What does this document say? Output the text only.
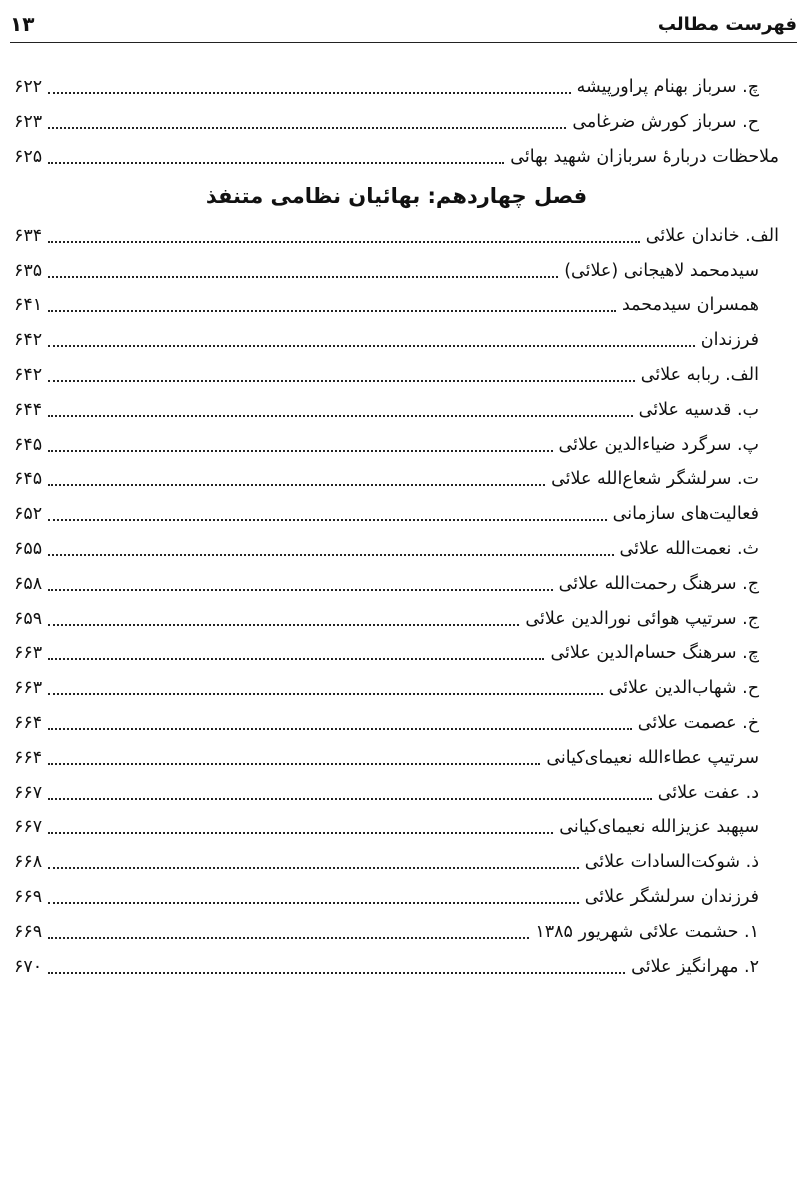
فهرست مطالب
۱۳
چ. سرباز بهنام پراورپیشه
۶۲۲
ح. سرباز کورش ضرغامی
۶۲۳
ملاحظات دربارۀ سربازان شهید بهائی
۶۲۵
فصل چهاردهم: بهائیان نظامی متنفذ
الف. خاندان علائی
۶۳۴
سیدمحمد لاهیجانی (علائی)
۶۳۵
همسران سیدمحمد
۶۴۱
فرزندان
۶۴۲
الف. ربابه علائی
۶۴۲
ب. قدسیه علائی
۶۴۴
پ. سرگرد ضیاءالدین علائی
۶۴۵
ت. سرلشگر شعاع‌الله علائی
۶۴۵
فعالیت‌های سازمانی
۶۵۲
ث. نعمت‌الله علائی
۶۵۵
ج. سرهنگ رحمت‌الله علائی
۶۵۸
ج. سرتیپ هوائی نورالدین علائی
۶۵۹
چ. سرهنگ حسام‌الدین علائی
۶۶۳
ح. شهاب‌الدین علائی
۶۶۳
خ. عصمت علائی
۶۶۴
سرتیپ عطاءالله نعیمای‌کیانی
۶۶۴
د. عفت علائی
۶۶۷
سپهبد عزیزالله نعیمای‌کیانی
۶۶۷
ذ. شوکت‌السادات علائی
۶۶۸
فرزندان سرلشگر علائی
۶۶۹
۱. حشمت علائی شهریور ۱۳۸۵
۶۶۹
۲. مهرانگیز علائی
۶۷۰
